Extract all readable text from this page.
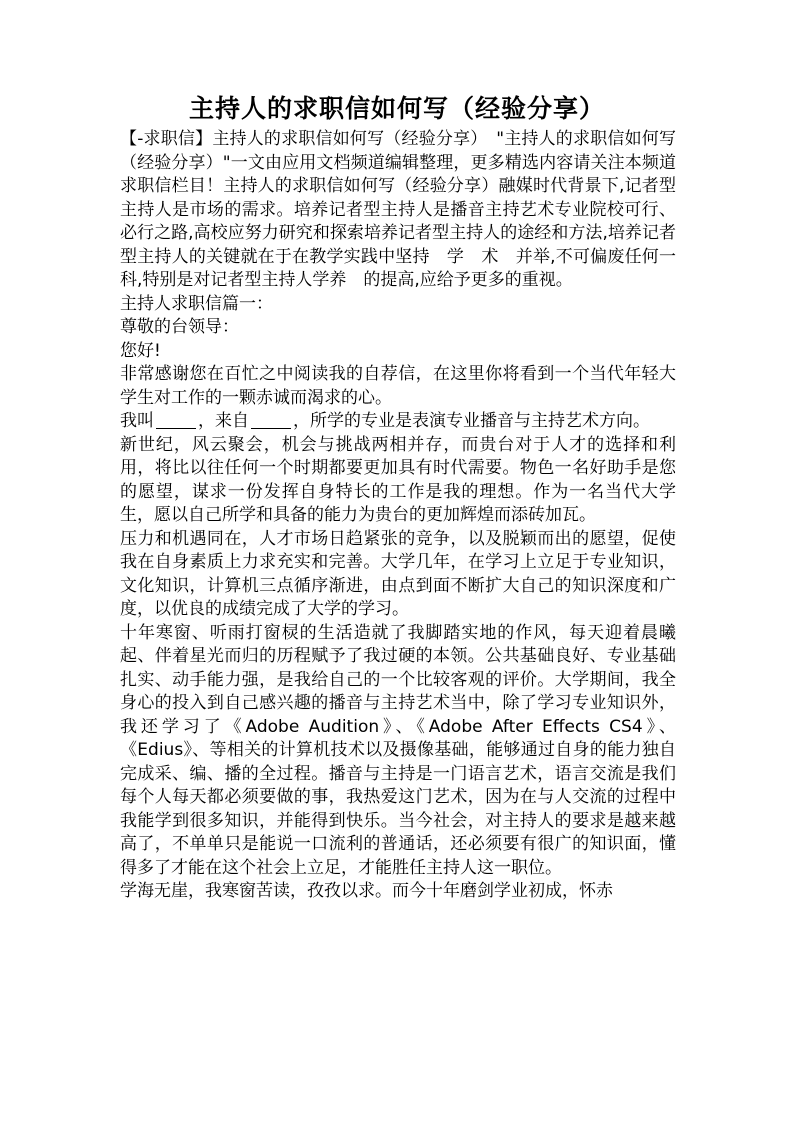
主持人的求职信如何写（经验分享）

【-求职信】主持人的求职信如何写（经验分享）　"主持人的求职信如何写（经验分享）"一文由应用文档频道编辑整理，更多精选内容请关注本频道求职信栏目！主持人的求职信如何写（经验分享）融媒时代背景下,记者型主持人是市场的需求。培养记者型主持人是播音主持艺术专业院校可行、必行之路,高校应努力研究和探索培养记者型主持人的途经和方法,培养记者型主持人的关键就在于在教学实践中坚持　学　术　并举,不可偏废任何一科,特别是对记者型主持人学养　的提高,应给予更多的重视。

主持人求职信篇一：

尊敬的台领导：

您好!

非常感谢您在百忙之中阅读我的自荐信，在这里你将看到一个当代年轻大学生对工作的一颗赤诚而渴求的心。

我叫	，来自	，所学的专业是表演专业播音与主持艺术方向。

新世纪，风云聚会，机会与挑战两相并存，而贵台对于人才的选择和利用，将比以往任何一个时期都要更加具有时代需要。物色一名好助手是您的愿望，谋求一份发挥自身特长的工作是我的理想。作为一名当代大学生，愿以自己所学和具备的能力为贵台的更加辉煌而添砖加瓦。

压力和机遇同在，人才市场日趋紧张的竞争，以及脱颖而出的愿望，促使我在自身素质上力求充实和完善。大学几年，在学习上立足于专业知识，文化知识，计算机三点循序渐进，由点到面不断扩大自己的知识深度和广度，以优良的成绩完成了大学的学习。

十年寒窗、听雨打窗棂的生活造就了我脚踏实地的作风，每天迎着晨曦起、伴着星光而归的历程赋予了我过硬的本领。公共基础良好、专业基础扎实、动手能力强，是我给自己的一个比较客观的评价。大学期间，我全身心的投入到自己感兴趣的播音与主持艺术当中，除了学习专业知识外，我还学习了《Adobe Audition》、《Adobe After Effects CS4》、《Edius》、等相关的计算机技术以及摄像基础，能够通过自身的能力独自完成采、编、播的全过程。播音与主持是一门语言艺术，语言交流是我们每个人每天都必须要做的事，我热爱这门艺术，因为在与人交流的过程中我能学到很多知识，并能得到快乐。当今社会，对主持人的要求是越来越高了，不单单只是能说一口流利的普通话，还必须要有很广的知识面，懂得多了才能在这个社会上立足，才能胜任主持人这一职位。

学海无崖，我寒窗苦读，孜孜以求。而今十年磨剑学业初成，怀赤
